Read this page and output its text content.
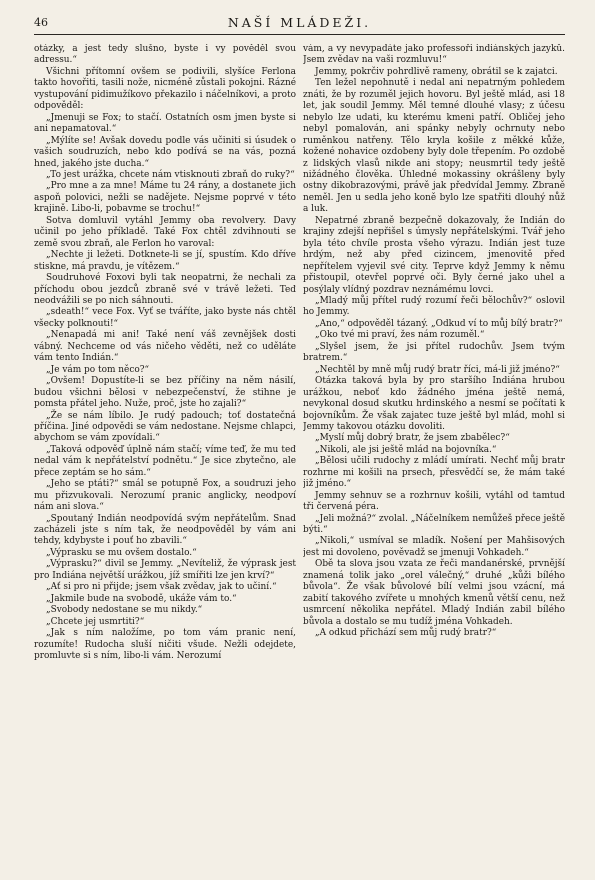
46	NAŠÍ MLÁDEŽI.

otázky, a jest tedy slušno, byste i vy pověděl svou adressu.“

Všichni přítomní ovšem se podivili, slyšíce Ferlona takto hovořiti, tasili nože, nicméně zůstali pokojni. Rázné vystupování pidimužíkovo překazilo i náčelníkovi, a proto odpověděl:

„Jmenuji se Fox; to stačí. Ostatních osm jmen byste si ani nepamatoval.“

„Mýlíte se! Avšak dovedu podle vás učiniti si úsudek o vašich soudruzích, nebo kdo podívá se na vás, pozná hned, jakého jste ducha.“

„To jest urážka, chcete nám vtisknouti zbraň do ruky?“

„Pro mne a za mne! Máme tu 24 rány, a dostanete jich aspoň polovici, nežli se nadějete. Nejsme poprvé v této krajině. Libo-li, pobavme se trochu!“

Sotva domluvil vytáhl Jemmy oba revolvery. Davy učinil po jeho příkladě. Také Fox chtěl zdvihnouti se země svou zbraň, ale Ferlon ho varoval:

„Nechte ji ležeti. Dotknete-li se jí, spustím. Kdo dříve stiskne, má pravdu, je vítězem.“

Soudruhové Foxovi byli tak neopatrni, že nechali za příchodu obou jezdců zbraně své v trávě ležeti. Teď neodvážili se po nich sáhnouti.

„sdeath!“ vece Fox. Vyť se tváříte, jako byste nás chtěl všecky polknouti!“

„Nenapadá mi ani! Také není váš zevnějšek dosti vábný. Nechceme od vás ničeho věděti, než co uděláte vám tento Indián.“

„Je vám po tom něco?“

„Ovšem! Dopustíte-li se bez příčiny na něm násilí, budou všichni bělosi v nebezpečenství, že stihne je pomsta přátel jeho. Nuže, proč, jste ho zajali?“

„Že se nám líbilo. Je rudý padouch; toť dostatečná příčina. Jiné odpovědi se vám nedostane. Nejsme chlapci, abychom se vám zpovídali.“

„Taková odpověď úplně nám stačí; víme teď, že mu teď nedal vám k nepřátelství podnětu.“ Je sice zbytečno, ale přece zeptám se ho sám.“

„Jeho se ptáti?“ smál se potupně Fox, a soudruzi jeho mu přizvukovali. Nerozumí pranic anglicky, neodpoví nám ani slova.“

„Spoutaný Indián neodpovídá svým nepřátelům. Snad zacházeli jste s ním tak, že neodpověděl by vám ani tehdy, kdybyste i pouť ho zbavili.“

„Výprasku se mu ovšem dostalo.“

„Výprasku?“ divil se Jemmy. „Nevíteliž, že výprask jest pro Indiána největší urážkou, jíž smířiti lze jen krví?“

„Ať si pro ni přijde; jsem však zvědav, jak to učiní.“

„Jakmile bude na svobodě, ukáže vám to.“

„Svobody nedostane se mu nikdy.“

„Chcete jej usmrtiti?“

„Jak s ním naložíme, po tom vám pranic není, rozumíte! Rudocha sluší ničiti všude. Nežli odejdete, promluvte si s ním, libo-li vám. Nerozumí

vám, a vy nevypadáte jako professoři indiánských jazyků. Jsem zvědav na vaši rozmluvu!“

Jemmy, pokrčiv pohrdlivě rameny, obrátil se k zajatci.

Ten ležel nepohnutě i nedal ani nepatrným pohledem znáti, že by rozuměl jejich hovoru. Byl ještě mlád, asi 18 let, jak soudil Jemmy. Měl temné dlouhé vlasy; z účesu nebylo lze udati, ku kterému kmeni patří. Obličej jeho nebyl pomalován, ani spánky nebyly ochrnuty nebo ruměnkou natřeny. Tělo kryla košile z měkké kůže, kožené nohavice ozdobeny byly dole třepením. Po ozdobě z lidských vlasů nikde ani stopy; neusmrtil tedy ještě nižádného člověka. Úhledné mokassiny okrášleny byly ostny dikobrazovými, právě jak předvídal Jemmy. Zbraně neměl. Jen u sedla jeho koně bylo lze spatřiti dlouhý nůž a luk.

Nepatrné zbraně bezpečně dokazovaly, že Indián do krajiny zdejší nepřišel s úmysly nepřátelskými. Tvář jeho byla této chvíle prosta všeho výrazu. Indián jest tuze hrdým, než aby před cizincem, jmenovitě před nepřítelem vyjevil své city. Teprve když Jemmy k němu přistoupil, otevřel poprvé oči. Byly černé jako uhel a posýlaly vlídný pozdrav neznámému lovci.

„Mladý můj přítel rudý rozumí řeči bělochův?“ oslovil ho Jemmy.

„Ano,“ odpověděl tázaný. „Odkud ví to můj bílý bratr?“

„Oko tvé mi praví, žes nám rozuměl.“

„Slyšel jsem, že jsi přítel rudochův. Jsem tvým bratrem.“

„Nechtěl by mně můj rudý bratr říci, má-li již jméno?“

Otázka taková byla by pro staršího Indiána hrubou urážkou, neboť kdo žádného jména ještě nemá, nevykonal dosud skutku hrdinského a nesmí se počítati k bojovníkům. Že však zajatec tuze ještě byl mlád, mohl si Jemmy takovou otázku dovoliti.

„Myslí můj dobrý bratr, že jsem zbabělec?“

„Nikoli, ale jsi ještě mlád na bojovníka.“

„Bělosi učili rudochy z mládí umírati. Nechť můj bratr rozhrne mi košili na prsech, přesvědčí se, že mám také již jméno.“

Jemmy sehnuv se a rozhrnuv košili, vytáhl od tamtud tři červená péra.

„Jeli možná?“ zvolal. „Náčelníkem nemůžeš přece ještě býti.“

„Nikoli,“ usmíval se mladík. Nošení per Mahšisových jest mi dovoleno, pověvadž se jmenuji Vohkadeh.“

Obě ta slova jsou vzata ze řeči mandanérské, prvnější znamená tolik jako „orel válečný,“ druhé „kůži bílého bůvola“. Že však bůvolové bílí velmi jsou vzácní, má zabití takového zvířete u mnohých kmenů větší cenu, než usmrcení několika nepřátel. Mladý Indián zabil bílého bůvola a dostalo se mu tudíž jména Vohkadeh.

„A odkud přichází sem můj rudý bratr?“
